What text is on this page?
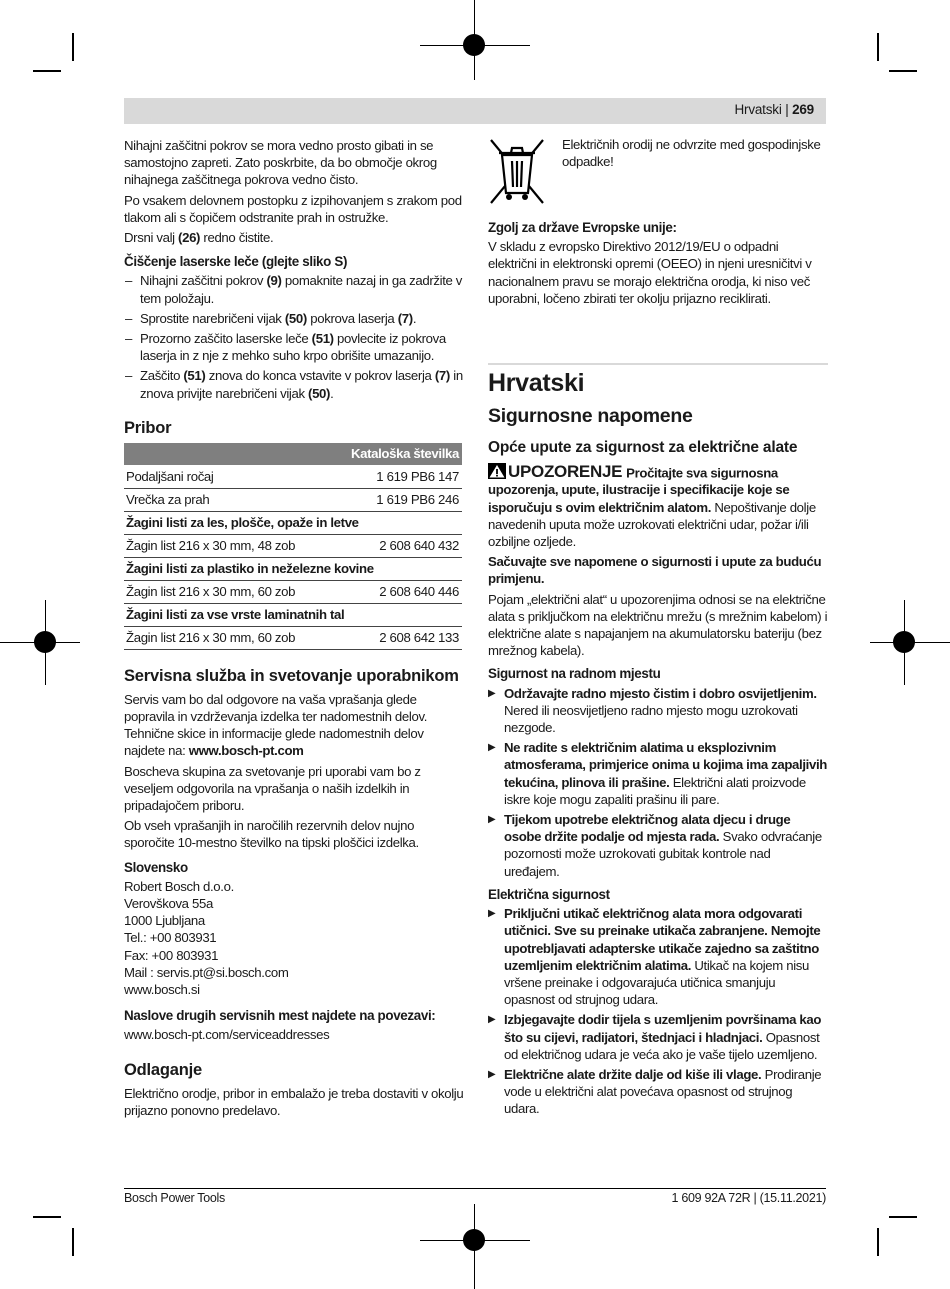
Hrvatski | 269

Nihajni zaščitni pokrov se mora vedno prosto gibati in se samostojno zapreti. Zato poskrbite, da bo območje okrog nihajnega zaščitnega pokrova vedno čisto.

Po vsakem delovnem postopku z izpihovanjem s zrakom pod tlakom ali s čopičem odstranite prah in ostružke.

Drsni valj (26) redno čistite.

Čiščenje laserske leče (glejte sliko S)
– Nihajni zaščitni pokrov (9) pomaknite nazaj in ga zadržite v tem položaju.
– Sprostite narebričeni vijak (50) pokrova laserja (7).
– Prozorno zaščito laserske leče (51) povlecite iz pokrova laserja in z nje z mehko suho krpo obrišite umazanijo.
– Zaščito (51) znova do konca vstavite v pokrov laserja (7) in znova privijte narebričeni vijak (50).
Pribor
Kataloška številka	
Podaljšani ročaj	1 619 PB6 147
Vrečka za prah	1 619 PB6 246
Žagini listi za les, plošče, opaže in letve	
Žagin list 216 x 30 mm, 48 zob	2 608 640 432
Žagini listi za plastiko in neželezne kovine	
Žagin list 216 x 30 mm, 60 zob	2 608 640 446
Žagini listi za vse vrste laminatnih tal	
Žagin list 216 x 30 mm, 60 zob	2 608 642 133
Servisna služba in svetovanje uporabnikom

Servis vam bo dal odgovore na vaša vprašanja glede popravila in vzdrževanja izdelka ter nadomestnih delov. Tehnične skice in informacije glede nadomestnih delov najdete na: www.bosch-pt.com

Boscheva skupina za svetovanje pri uporabi vam bo z veseljem odgovorila na vprašanja o naših izdelkih in pripadajočem priboru.

Ob vseh vprašanjih in naročilih rezervnih delov nujno sporočite 10-mestno številko na tipski ploščici izdelka.

Slovensko

Robert Bosch d.o.o.

Verovškova 55a

1000 Ljubljana

Tel.: +00 803931

Fax: +00 803931

Mail : servis.pt@si.bosch.com

www.bosch.si

Naslove drugih servisnih mest najdete na povezavi:

www.bosch-pt.com/serviceaddresses

Odlaganje

Električno orodje, pribor in embalažo je treba dostaviti v okolju prijazno ponovno predelavo.

Električnih orodij ne odvrzite med gospodinjske odpadke!

Zgolj za države Evropske unije:

V skladu z evropsko Direktivo 2012/19/EU o odpadni električni in elektronski opremi (OEEO) in njeni uresničitvi v nacionalnem pravu se morajo električna orodja, ki niso več uporabni, ločeno zbirati ter okolju prijazno reciklirati.

Hrvatski
Sigurnosne napomene
Opće upute za sigurnost za električne alate

UPOZORENJE Pročitajte sva sigurnosna upozorenja, upute, ilustracije i specifikacije koje se isporučuju s ovim električnim alatom. Nepoštivanje dolje navedenih uputa može uzrokovati električni udar, požar i/ili ozbiljne ozljede.

Sačuvajte sve napomene o sigurnosti i upute za buduću primjenu.

Pojam „električni alat“ u upozorenjima odnosi se na električne alata s priključkom na električnu mrežu (s mrežnim kabelom) i električne alate s napajanjem na akumulatorsku bateriju (bez mrežnog kabela).

Sigurnost na radnom mjestu
▶ Održavajte radno mjesto čistim i dobro osvijetljenim. Nered ili neosvijetljeno radno mjesto mogu uzrokovati nezgode.
▶ Ne radite s električnim alatima u eksplozivnim atmosferama, primjerice onima u kojima ima zapaljivih tekućina, plinova ili prašine. Električni alati proizvode iskre koje mogu zapaliti prašinu ili pare.
▶ Tijekom upotrebe električnog alata djecu i druge osobe držite podalje od mjesta rada. Svako odvraćanje pozornosti može uzrokovati gubitak kontrole nad uređajem.
Električna sigurnost
▶ Priključni utikač električnog alata mora odgovarati utičnici. Sve su preinake utikača zabranjene. Nemojte upotrebljavati adapterske utikače zajedno sa zaštitno uzemljenim električnim alatima. Utikač na kojem nisu vršene preinake i odgovarajuća utičnica smanjuju opasnost od strujnog udara.
▶ Izbjegavajte dodir tijela s uzemljenim površinama kao što su cijevi, radijatori, štednjaci i hladnjaci. Opasnost od električnog udara je veća ako je vaše tijelo uzemljeno.
▶ Električne alate držite dalje od kiše ili vlage. Prodiranje vode u električni alat povećava opasnost od strujnog udara.
Bosch Power Tools	1 609 92A 72R | (15.11.2021)
